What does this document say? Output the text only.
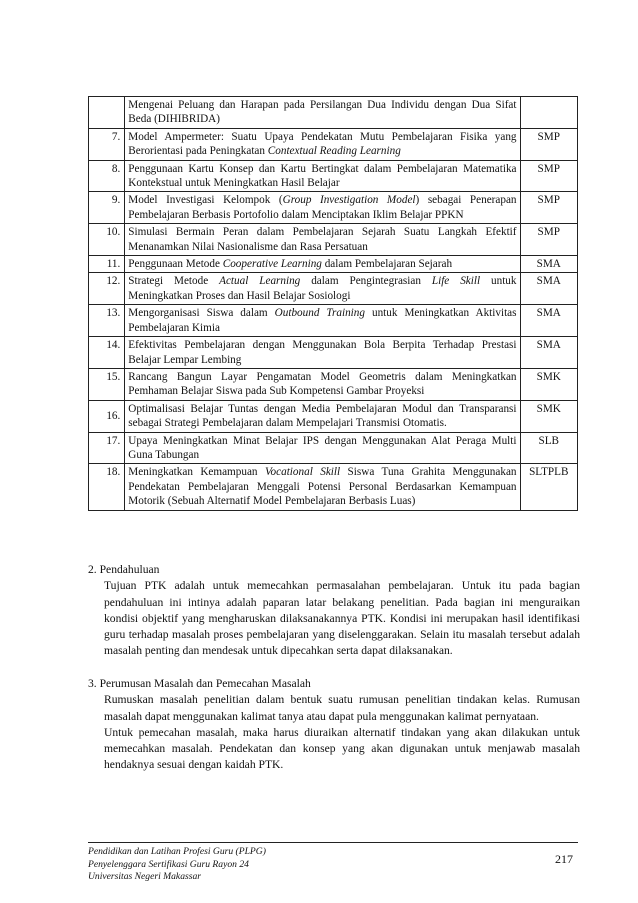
	Mengenai Peluang dan Harapan pada Persilangan Dua Individu dengan Dua Sifat Beda (DIHIBRIDA)	
7.	Model Ampermeter: Suatu Upaya Pendekatan Mutu Pembelajaran Fisika yang Berorientasi pada Peningkatan Contextual Reading Learning	SMP
8.	Penggunaan Kartu Konsep dan Kartu Bertingkat dalam Pembelajaran Matematika Kontekstual untuk Meningkatkan Hasil Belajar	SMP
9.	Model Investigasi Kelompok (Group Investigation Model) sebagai Penerapan Pembelajaran Berbasis Portofolio dalam Menciptakan Iklim Belajar PPKN	SMP
10.	Simulasi Bermain Peran dalam Pembelajaran Sejarah Suatu Langkah Efektif Menanamkan Nilai Nasionalisme dan Rasa Persatuan	SMP
11.	Penggunaan Metode Cooperative Learning dalam Pembelajaran Sejarah	SMA
12.	Strategi Metode Actual Learning dalam Pengintegrasian Life Skill untuk Meningkatkan Proses dan Hasil Belajar Sosiologi	SMA
13.	Mengorganisasi Siswa dalam Outbound Training untuk Meningkatkan Aktivitas Pembelajaran Kimia	SMA
14.	Efektivitas Pembelajaran dengan Menggunakan Bola Berpita Terhadap Prestasi Belajar Lempar Lembing	SMA
15.	Rancang Bangun Layar Pengamatan Model Geometris dalam Meningkatkan Pemhaman Belajar Siswa pada Sub Kompetensi Gambar Proyeksi	SMK
16.	Optimalisasi Belajar Tuntas dengan Media Pembelajaran Modul dan Transparansi sebagai Strategi Pembelajaran dalam Mempelajari Transmisi Otomatis.	SMK
17.	Upaya Meningkatkan Minat Belajar IPS dengan Menggunakan Alat Peraga Multi Guna Tabungan	SLB
18.	Meningkatkan Kemampuan Vocational Skill Siswa Tuna Grahita Menggunakan Pendekatan Pembelajaran Menggali Potensi Personal Berdasarkan Kemampuan Motorik (Sebuah Alternatif Model Pembelajaran Berbasis Luas)	SLTPLB
2. Pendahuluan
Tujuan PTK adalah untuk memecahkan permasalahan pembelajaran. Untuk itu pada bagian pendahuluan ini intinya adalah paparan latar belakang penelitian. Pada bagian ini menguraikan kondisi objektif yang mengharuskan dilaksanakannya PTK. Kondisi ini merupakan hasil identifikasi guru terhadap masalah proses pembelajaran yang diselenggarakan. Selain itu masalah tersebut adalah masalah penting dan mendesak untuk dipecahkan serta dapat dilaksanakan.
3. Perumusan Masalah dan Pemecahan Masalah
Rumuskan masalah penelitian dalam bentuk suatu rumusan penelitian tindakan kelas. Rumusan masalah dapat menggunakan kalimat tanya atau dapat pula menggunakan kalimat pernyataan.
Untuk pemecahan masalah, maka harus diuraikan alternatif tindakan yang akan dilakukan untuk memecahkan masalah. Pendekatan dan konsep yang akan digunakan untuk menjawab masalah hendaknya sesuai dengan kaidah PTK.
Pendidikan dan Latihan Profesi Guru (PLPG)
Penyelenggara Sertifikasi Guru Rayon 24
Universitas Negeri Makassar
217
